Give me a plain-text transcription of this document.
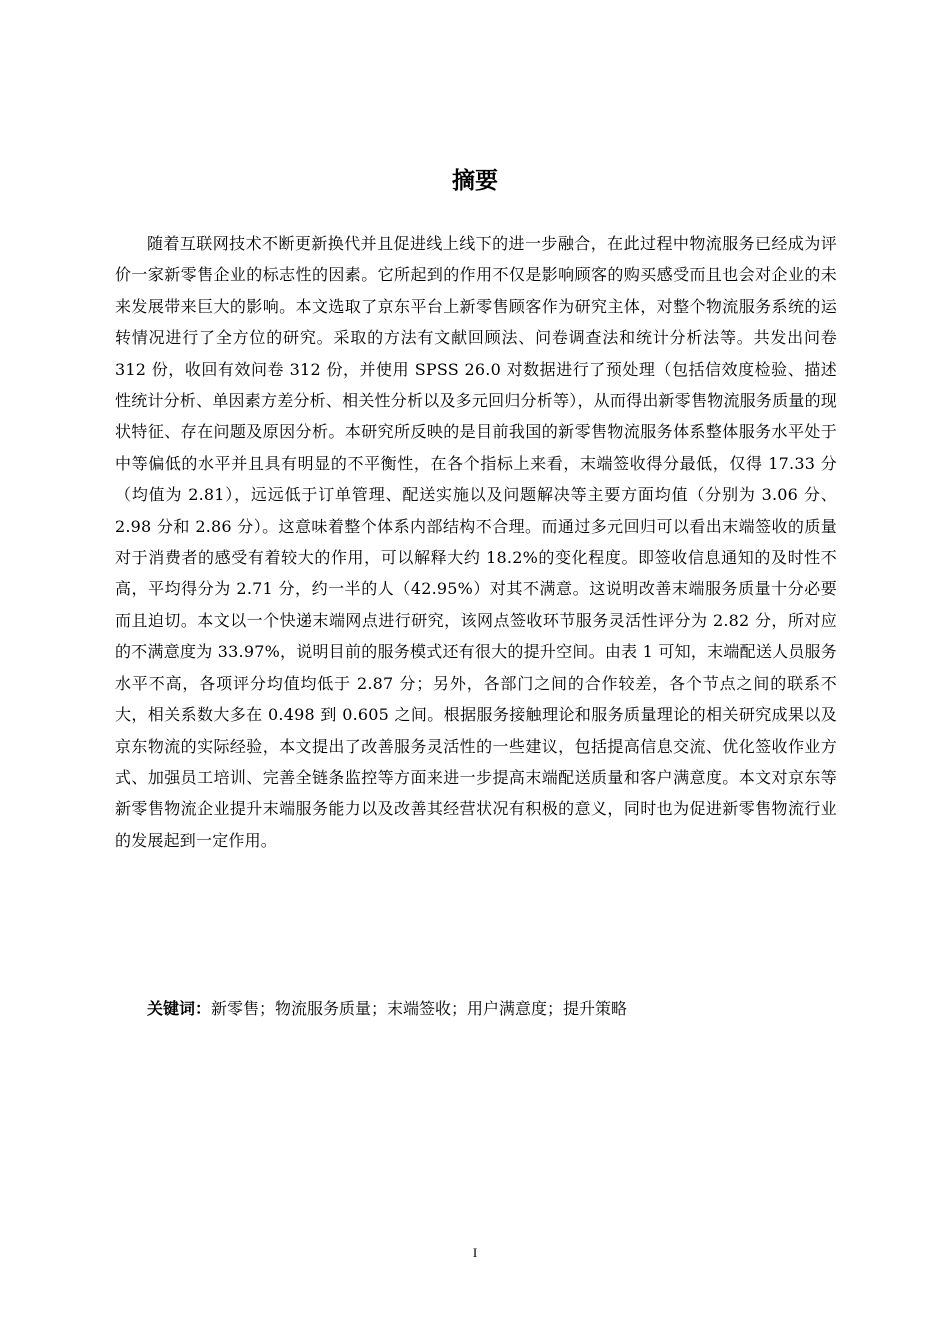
摘要

随着互联网技术不断更新换代并且促进线上线下的进一步融合，在此过程中物流服务已经成为评价一家新零售企业的标志性的因素。它所起到的作用不仅是影响顾客的购买感受而且也会对企业的未来发展带来巨大的影响。本文选取了京东平台上新零售顾客作为研究主体，对整个物流服务系统的运转情况进行了全方位的研究。采取的方法有文献回顾法、问卷调查法和统计分析法等。共发出问卷 312 份，收回有效问卷 312 份，并使用 SPSS 26.0 对数据进行了预处理（包括信效度检验、描述性统计分析、单因素方差分析、相关性分析以及多元回归分析等），从而得出新零售物流服务质量的现状特征、存在问题及原因分析。本研究所反映的是目前我国的新零售物流服务体系整体服务水平处于中等偏低的水平并且具有明显的不平衡性，在各个指标上来看，末端签收得分最低，仅得 17.33 分（均值为 2.81），远远低于订单管理、配送实施以及问题解决等主要方面均值（分别为 3.06 分、2.98 分和 2.86 分）。这意味着整个体系内部结构不合理。而通过多元回归可以看出末端签收的质量对于消费者的感受有着较大的作用，可以解释大约 18.2%的变化程度。即签收信息通知的及时性不高，平均得分为 2.71 分，约一半的人（42.95%）对其不满意。这说明改善末端服务质量十分必要而且迫切。本文以一个快递末端网点进行研究，该网点签收环节服务灵活性评分为 2.82 分，所对应的不满意度为 33.97%，说明目前的服务模式还有很大的提升空间。由表 1 可知，末端配送人员服务水平不高，各项评分均值均低于 2.87 分；另外，各部门之间的合作较差，各个节点之间的联系不大，相关系数大多在 0.498 到 0.605 之间。根据服务接触理论和服务质量理论的相关研究成果以及京东物流的实际经验，本文提出了改善服务灵活性的一些建议，包括提高信息交流、优化签收作业方式、加强员工培训、完善全链条监控等方面来进一步提高末端配送质量和客户满意度。本文对京东等新零售物流企业提升末端服务能力以及改善其经营状况有积极的意义，同时也为促进新零售物流行业的发展起到一定作用。

关键词：新零售；物流服务质量；末端签收；用户满意度；提升策略

I
